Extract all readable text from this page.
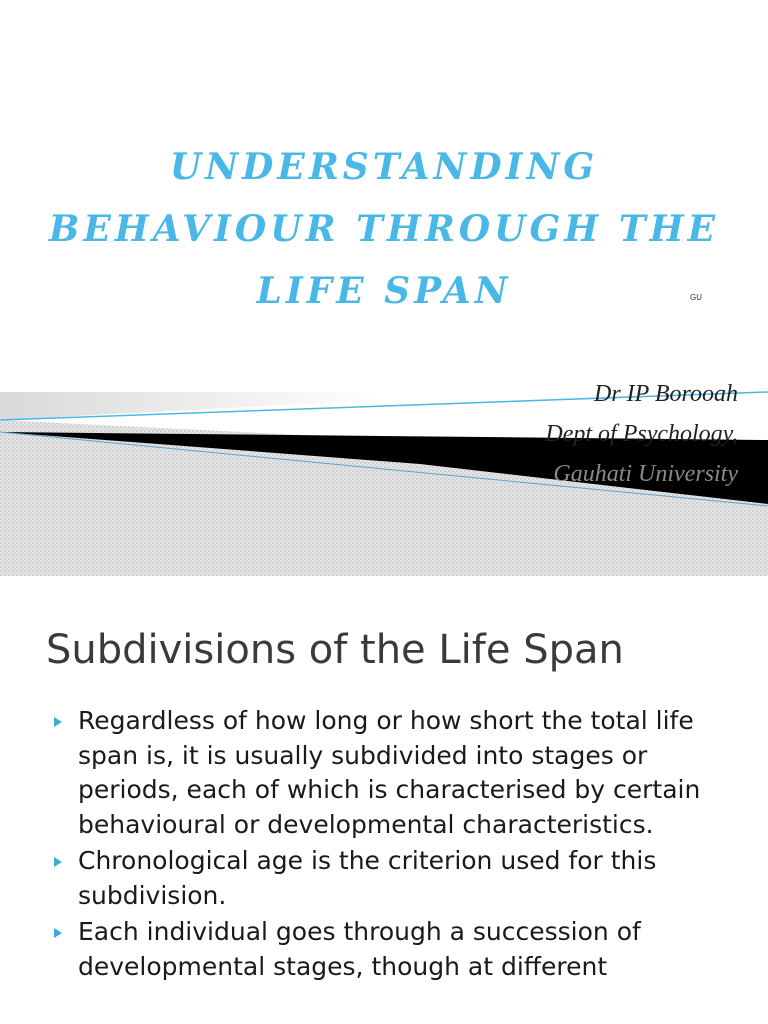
UNDERSTANDING
BEHAVIOUR THROUGH THE
LIFE SPAN	GU
Dr IP Borooah
Dept of Psychology,
Gauhati University
Subdivisions of the Life Span
Regardless of how long or how short the total life span is, it is usually subdivided into stages or periods, each of which is characterised by certain behavioural or developmental characteristics.
Chronological age is the criterion used for this subdivision.
Each individual goes through a succession of developmental stages, though at different
